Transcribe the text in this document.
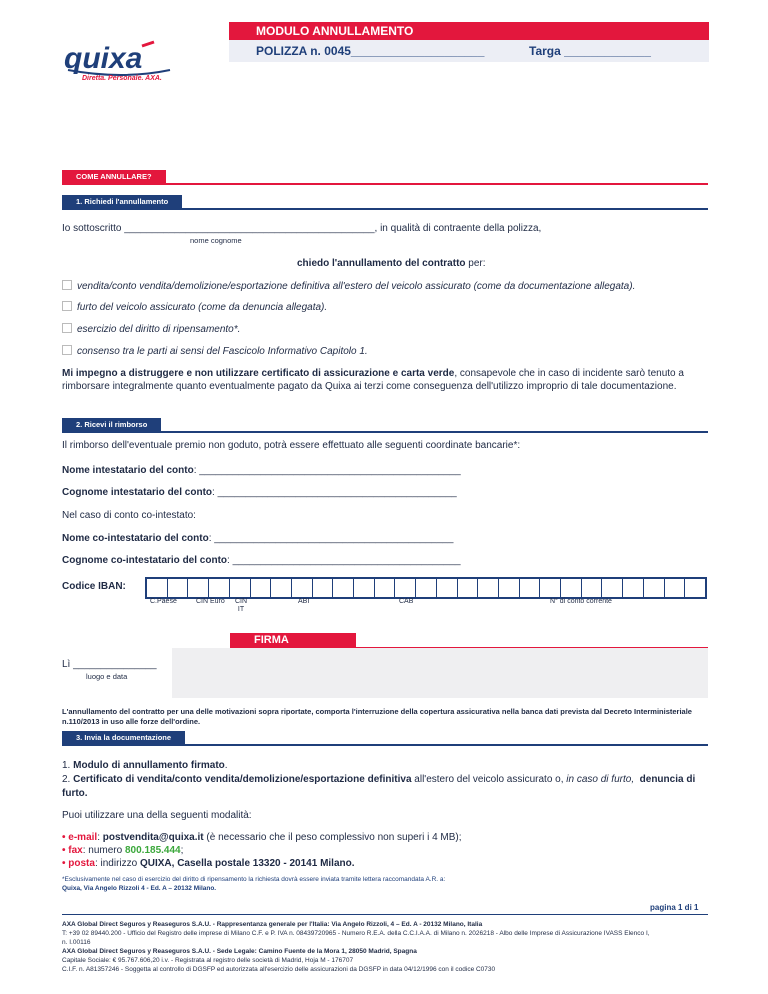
MODULO ANNULLAMENTO
POLIZZA n. 0045____________________	Targa _____________
quixa
Diretta. Personale. AXA.
COME ANNULLARE?
1. Richiedi l'annullamento
Io sottoscritto _____________________________________________, in qualità di contraente della polizza,
nome cognome
chiedo l'annullamento del contratto per:
vendita/conto vendita/demolizione/esportazione definitiva all'estero del veicolo assicurato (come da documentazione allegata).
furto del veicolo assicurato (come da denuncia allegata).
esercizio del diritto di ripensamento*.
consenso tra le parti ai sensi del Fascicolo Informativo Capitolo 1.
Mi impegno a distruggere e non utilizzare certificato di assicurazione e carta verde, consapevole che in caso di incidente sarò tenuto a
rimborsare integralmente quanto eventualmente pagato da Quixa ai terzi come conseguenza dell'utilizzo improprio di tale documentazione.
2. Ricevi il rimborso
Il rimborso dell'eventuale premio non goduto, potrà essere effettuato alle seguenti coordinate bancarie*:
Nome intestatario del conto: _______________________________________________
Cognome intestatario del conto: ___________________________________________
Nel caso di conto co-intestato:
Nome co-intestatario del conto: ___________________________________________
Cognome co-intestatario del conto: _________________________________________
Codice IBAN:
C.Paese	CIN Euro CIN IT
ABI	CAB	N° di conto corrente
FIRMA
Lì _______________
luogo e data
L'annullamento del contratto per una delle motivazioni sopra riportate, comporta l'interruzione della copertura assicurativa nella banca dati prevista dal Decreto Interministeriale n.110/2013 in uso alle forze dell'ordine.
3. Invia la documentazione
1. Modulo di annullamento firmato.
2. Certificato di vendita/conto vendita/demolizione/esportazione definitiva all'estero del veicolo assicurato o, in caso di furto, denuncia di
furto.
Puoi utilizzare una della seguenti modalità:
• e-mail: postvendita@quixa.it (è necessario che il peso complessivo non superi i 4 MB);
• fax: numero 800.185.444;
• posta: indirizzo QUIXA, Casella postale 13320 - 20141 Milano.
*Esclusivamente nel caso di esercizio del diritto di ripensamento la richiesta dovrà essere inviata tramite lettera raccomandata A.R. a:
Quixa, Via Angelo Rizzoli 4 - Ed. A – 20132 Milano.
pagina 1 di 1
AXA Global Direct Seguros y Reaseguros S.A.U. - Rappresentanza generale per l'Italia: Via Angelo Rizzoli, 4 – Ed. A - 20132 Milano, Italia
T: +39 02 89440.200 - Ufficio del Registro delle imprese di Milano C.F. e P. IVA n. 08439720965 - Numero R.E.A. della C.C.I.A.A. di Milano n. 2026218 - Albo delle Imprese di Assicurazione IVASS Elenco I,
n. I.00116
AXA Global Direct Seguros y Reaseguros S.A.U. - Sede Legale: Camino Fuente de la Mora 1, 28050 Madrid, Spagna
Capitale Sociale: € 95.767.606,20 i.v. - Registrata al registro delle società di Madrid, Hoja M - 176707
C.I.F. n. A81357246 - Soggetta al controllo di DGSFP ed autorizzata all'esercizio delle assicurazioni da DGSFP in data 04/12/1996 con il codice C0730
